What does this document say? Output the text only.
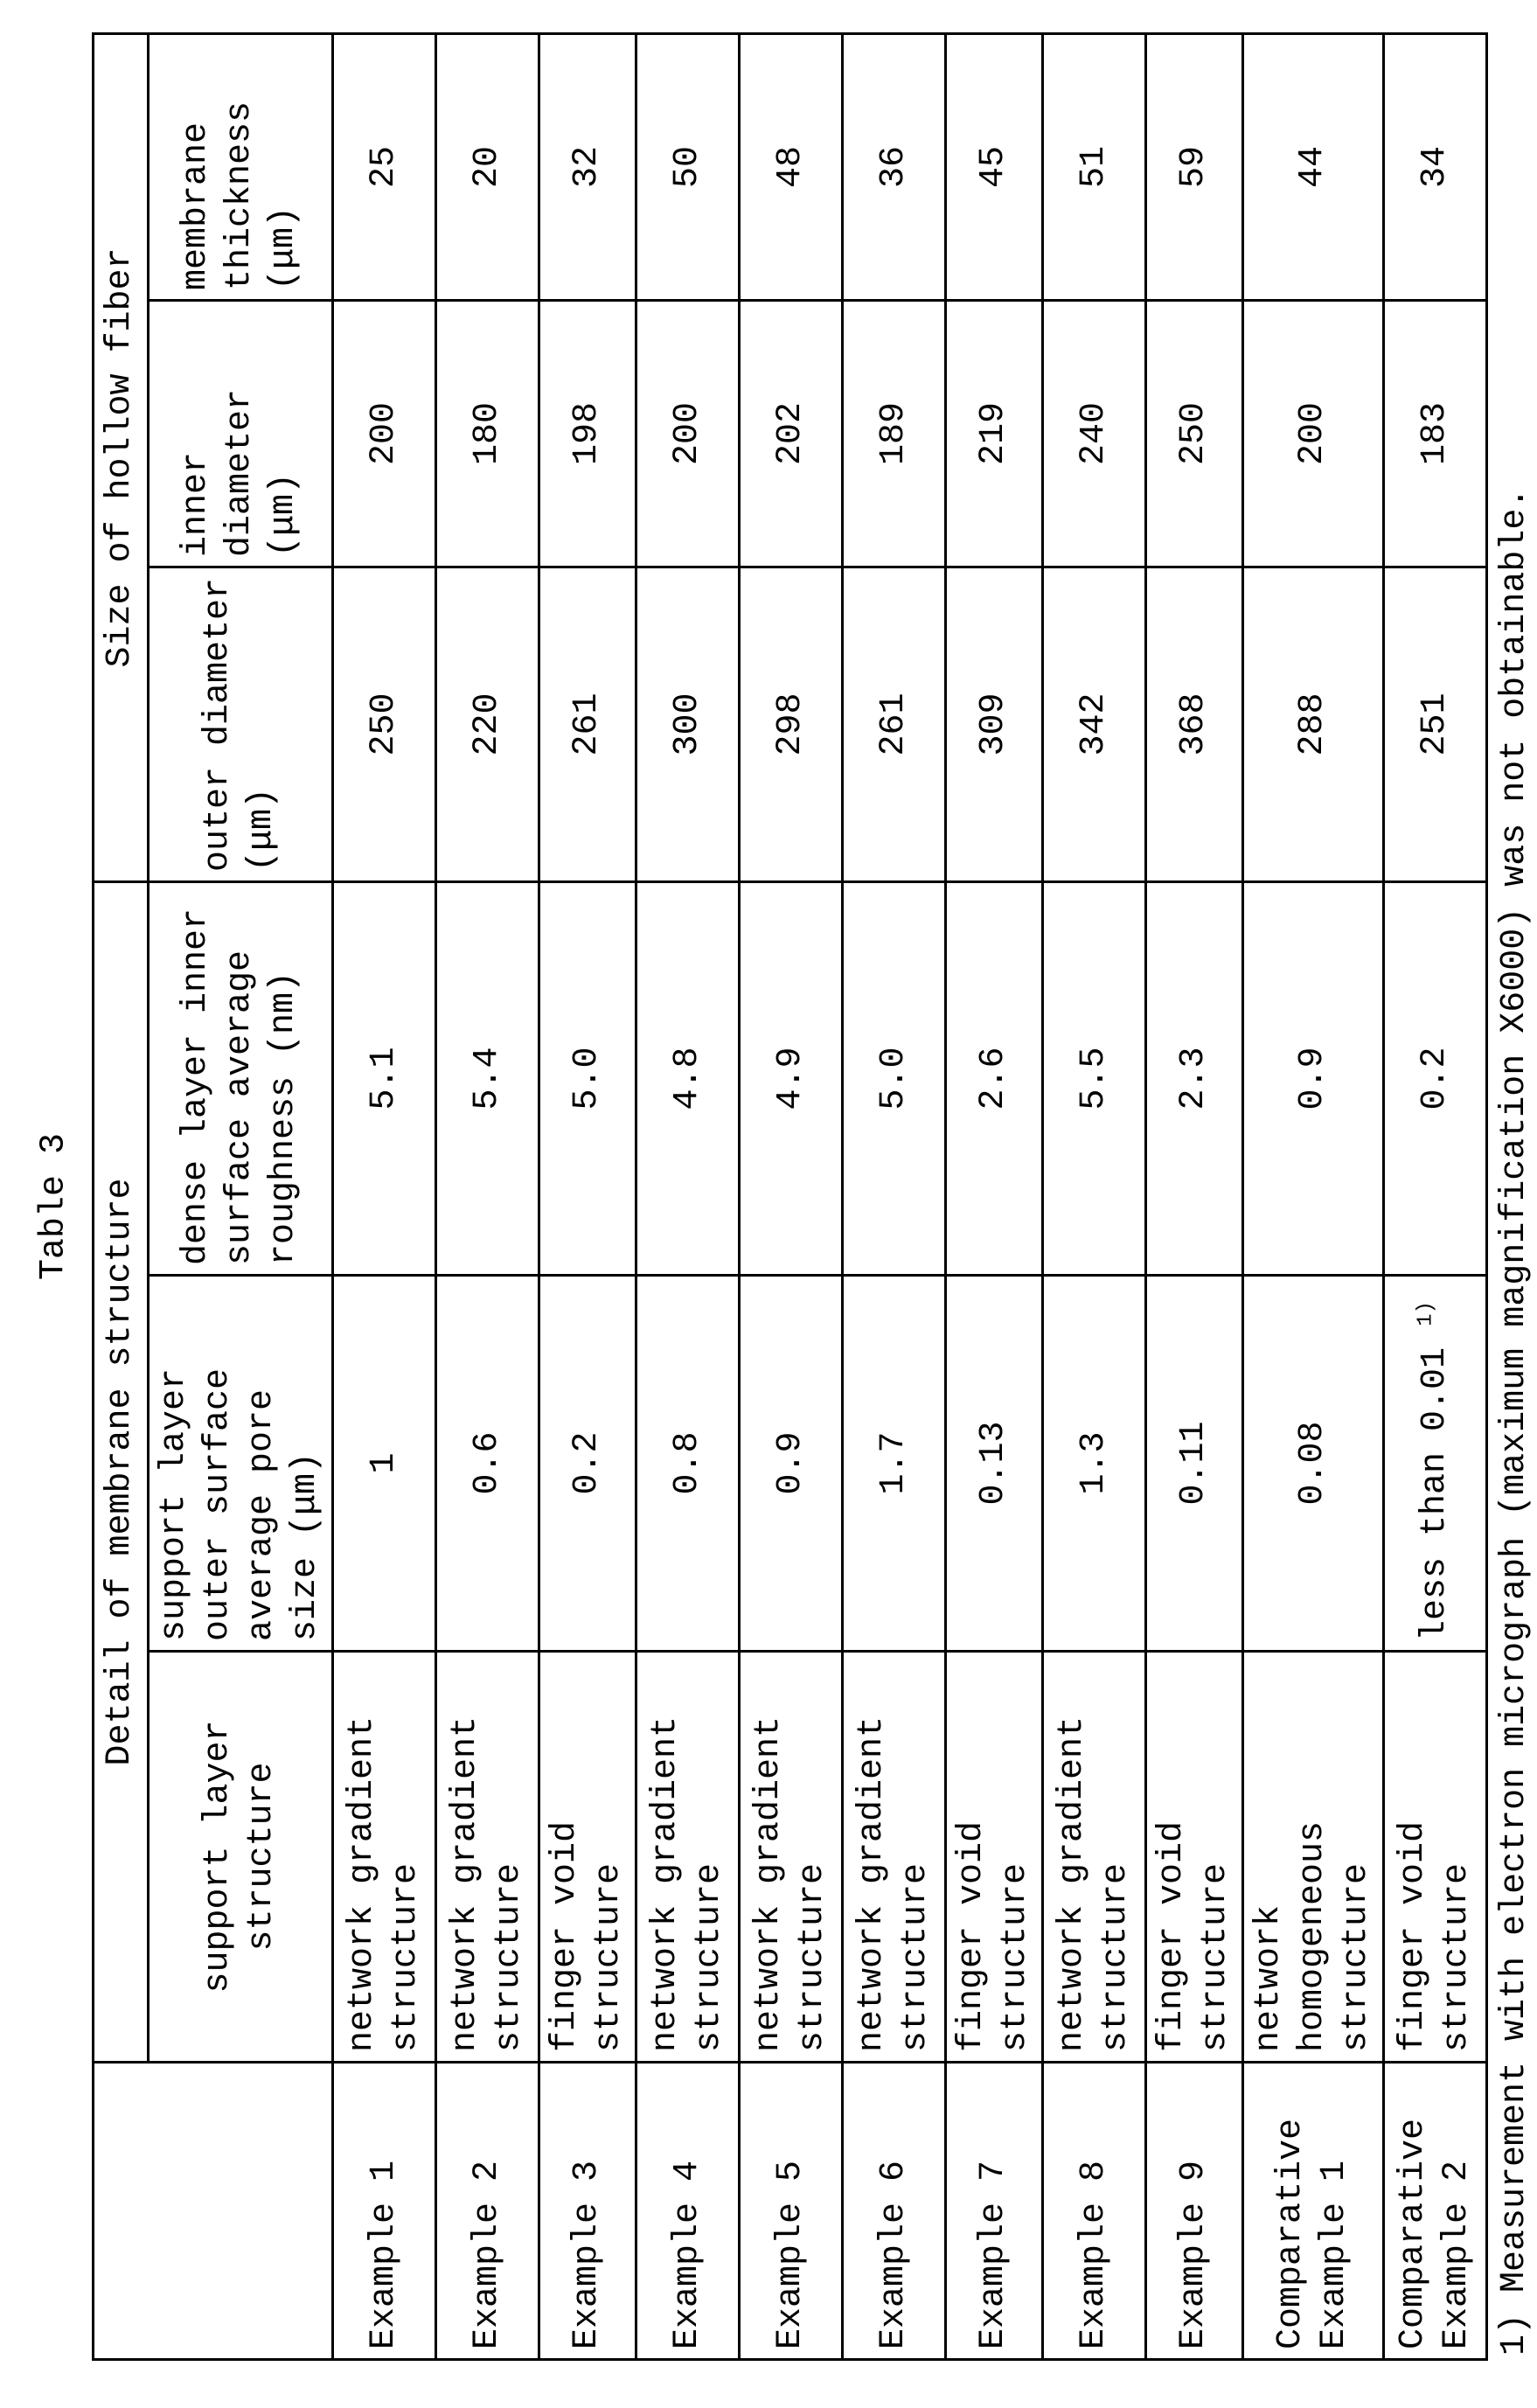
Table 3
	Detail of membrane structure			Size of hollow fiber		
	support layer structure	support layer outer surface average pore size (μm)	dense layer inner surface average roughness (nm)	outer diameter (μm)	inner diameter (μm)	membrane thickness (μm)
Example 1	network gradient structure	1	5.1	250	200	25
Example 2	network gradient structure	0.6	5.4	220	180	20
Example 3	finger void structure	0.2	5.0	261	198	32
Example 4	network gradient structure	0.8	4.8	300	200	50
Example 5	network gradient structure	0.9	4.9	298	202	48
Example 6	network gradient structure	1.7	5.0	261	189	36
Example 7	finger void structure	0.13	2.6	309	219	45
Example 8	network gradient structure	1.3	5.5	342	240	51
Example 9	finger void structure	0.11	2.3	368	250	59
Comparative Example 1	network homogeneous structure	0.08	0.9	288	200	44
Comparative Example 2	finger void structure	less than 0.01 $^{1)}$	0.2	251	183	34
1) Measurement with electron micrograph (maximum magnification X6000) was not obtainable.
